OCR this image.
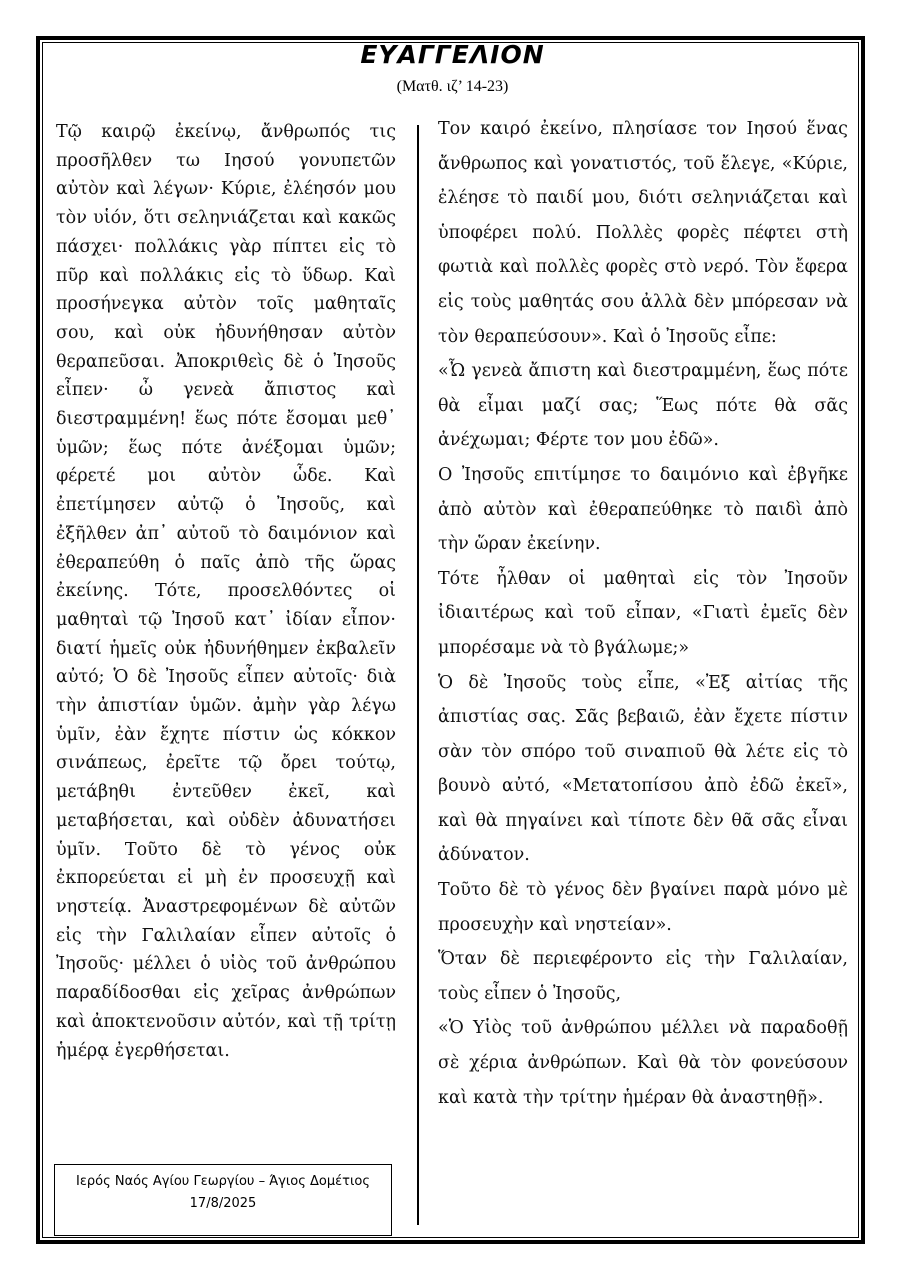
ΕΥΑΓΓΕΛΙΟΝ
(Ματθ. ιζ’ 14-23)

Τῷ καιρῷ ἐκείνῳ, ἄνθρωπός τις προσῆλθεν τω Ιησού γονυπετῶν αὐτὸν καὶ λέγων· Κύριε, ἐλέησόν μου τὸν υἱόν, ὅτι σεληνιάζεται καὶ κακῶς πάσχει· πολλάκις γὰρ πίπτει εἰς τὸ πῦρ καὶ πολλάκις εἰς τὸ ὕδωρ. Καὶ προσήνεγκα αὐτὸν τοῖς μαθηταῖς σου, καὶ οὐκ ἠδυνήθησαν αὐτὸν θεραπεῦσαι. Ἀποκριθεὶς δὲ ὁ Ἰησοῦς εἶπεν· ὦ γενεὰ ἄπιστος καὶ διεστραμμένη! ἕως πότε ἔσομαι μεθ᾿ ὑμῶν; ἕως πότε ἀνέξομαι ὑμῶν; φέρετέ μοι αὐτὸν ὧδε. Καὶ ἐπετίμησεν αὐτῷ ὁ Ἰησοῦς, καὶ ἐξῆλθεν ἀπ᾿ αὐτοῦ τὸ δαιμόνιον καὶ ἐθεραπεύθη ὁ παῖς ἀπὸ τῆς ὥρας ἐκείνης. Τότε, προσελθόντες οἱ μαθηταὶ τῷ Ἰησοῦ κατ᾿ ἰδίαν εἶπον· διατί ἡμεῖς οὐκ ἠδυνήθημεν ἐκβαλεῖν αὐτό; Ὁ δὲ Ἰησοῦς εἶπεν αὐτοῖς· διὰ τὴν ἀπιστίαν ὑμῶν. ἀμὴν γὰρ λέγω ὑμῖν, ἐὰν ἔχητε πίστιν ὡς κόκκον σινάπεως, ἐρεῖτε τῷ ὄρει τούτῳ, μετάβηθι ἐντεῦθεν ἐκεῖ, καὶ μεταβήσεται, καὶ οὐδὲν ἀδυνατήσει ὑμῖν. Τοῦτο δὲ τὸ γένος οὐκ ἐκπορεύεται εἰ μὴ ἐν προσευχῇ καὶ νηστείᾳ. Ἀναστρεφομένων δὲ αὐτῶν εἰς τὴν Γαλιλαίαν εἶπεν αὐτοῖς ὁ Ἰησοῦς· μέλλει ὁ υἱὸς τοῦ ἀνθρώπου παραδίδοσθαι εἰς χεῖρας ἀνθρώπων καὶ ἀποκτενοῦσιν αὐτόν, καὶ τῇ τρίτῃ ἡμέρᾳ ἐγερθήσεται.

Τον καιρό ἐκείνο, πλησίασε τον Ιησού ἕνας ἄνθρωπος καὶ γονατιστός, τοῦ ἔλεγε, «Κύριε, ἐλέησε τὸ παιδί μου, διότι σεληνιάζεται καὶ ὑποφέρει πολύ. Πολλὲς φορὲς πέφτει στὴ φωτιὰ καὶ πολλὲς φορὲς στὸ νερό. Τὸν ἔφερα εἰς τοὺς μαθητάς σου ἀλλὰ δὲν μπόρεσαν νὰ τὸν θεραπεύσουν». Καὶ ὁ Ἰησοῦς εἶπε:

«Ὦ γενεὰ ἄπιστη καὶ διεστραμμένη, ἕως πότε θὰ εἶμαι μαζί σας; Ἕως πότε θὰ σᾶς ἀνέχωμαι; Φέρτε τον μου ἐδῶ».

Ο Ἰησοῦς επιτίμησε το δαιμόνιο καὶ ἐβγῆκε ἀπὸ αὐτὸν καὶ ἐθεραπεύθηκε τὸ παιδὶ ἀπὸ τὴν ὥραν ἐκείνην.

Τότε ἦλθαν οἱ μαθηταὶ εἰς τὸν Ἰησοῦν ἰδιαιτέρως καὶ τοῦ εἶπαν, «Γιατὶ ἐμεῖς δὲν μπορέσαμε νὰ τὸ βγάλωμε;»

Ὁ δὲ Ἰησοῦς τοὺς εἶπε, «Ἐξ αἰτίας τῆς ἀπιστίας σας. Σᾶς βεβαιῶ, ἐὰν ἔχετε πίστιν σὰν τὸν σπόρο τοῦ σιναπιοῦ θὰ λέτε εἰς τὸ βουνὸ αὐτό, «Μετατοπίσου ἀπὸ ἐδῶ ἐκεῖ», καὶ θὰ πηγαίνει καὶ τίποτε δὲν θᾶ σᾶς εἶναι ἀδύνατον.

Τοῦτο δὲ τὸ γένος δὲν βγαίνει παρὰ μόνο μὲ προσευχὴν καὶ νηστείαν».

Ὅταν δὲ περιεφέροντο εἰς τὴν Γαλιλαίαν, τοὺς εἶπεν ὁ Ἰησοῦς,

«Ὁ Υἱὸς τοῦ ἀνθρώπου μέλλει νὰ παραδοθῇ σὲ χέρια ἀνθρώπων. Καὶ θὰ τὸν φονεύσουν καὶ κατὰ τὴν τρίτην ἡμέραν θὰ ἀναστηθῇ».

Ιερός Ναός Αγίου Γεωργίου – Άγιος Δομέτιος
17/8/2025
